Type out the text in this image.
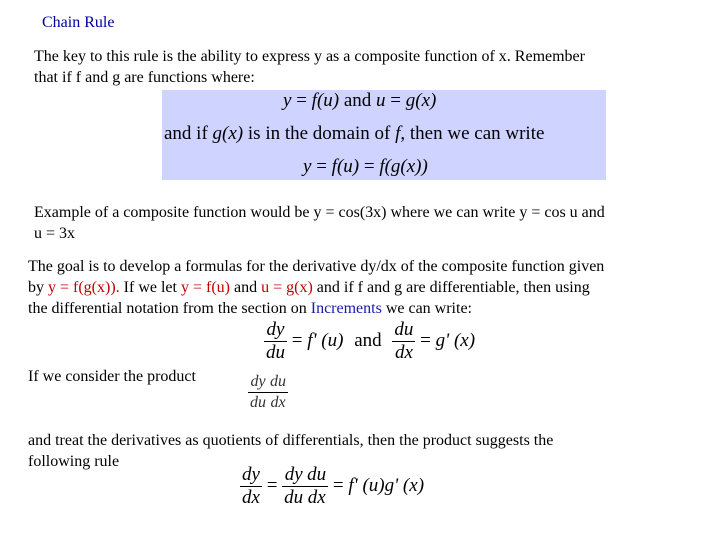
Chain Rule
The key to this rule is the ability to express y as a composite function of x. Remember
that if f and g are functions where:
y = f(u) and u = g(x)
and if g(x) is in the domain of f, then we can write
y = f(u) = f(g(x))
Example of a composite function would be y = cos(3x) where we can write y = cos u and
u = 3x
The goal is to develop a formulas for the derivative dy/dx of the composite function given
by y = f(g(x)). If we let y = f(u) and u = g(x) and if f and g are differentiable, then using
the differential notation from the section on Increments we can write:
$\frac{dy}{du} = f'$ (u) and $\frac{du}{dx} = g'$ (x)
If we consider the product	$\frac{dy}{du} \frac{du}{dx}$
and treat the derivatives as quotients of differentials, then the product suggests the
following rule
$\frac{dy}{dx} = \frac{dy}{du} \frac{du}{dx} = f'$ (u)g' (x)
